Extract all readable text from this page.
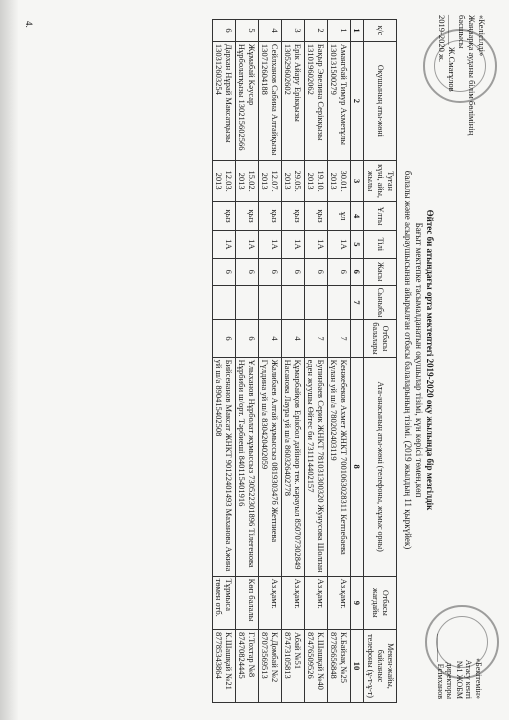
«Келісілді»
Жаңаарқа ауданы білім бөлімінің
басшысы
_______ Ж.Смағұлов
2019-2020 ж.
«Бекітемін»
Атасу кенті
№1 ЖОБМ
директоры
_______ Есімханов
Өйтес би атындағы орта мектептегі 2019-2020 оқу жылында бір мезгілдік
Бағыт мектепке тасымалданатын оқушылар тізімі, күн көрісі төмен,көп
балалы және асыраушысынан айырылған отбасы балаларының тізімі. (2019 жылдың 11 қыркүйек)
қ/с	Оқушының аты-жөні	Туған күні, айы, жылы	Ұлты	Тілі	Жасы	Сыныбы	Отбасы балалары	Ата-анасының аты-жөні (телефоны, жұмыс орны)	Отбасы жағдайы	Мекен-жайы, байланыс телефоны (ұ-т-ұ-т)
1	2	3	4	5	6	7		8	9	10
1	Амангбай Тимур Ахметұлы 130131500279	30.01. 2013	ұл	1А	6		7	Кенжебеков Ахмет ЖНКТ 7001063028311 Кетпебаева Күлан уй ш/а 780202403119	Аз.қамт.	К.Байзақ №25 87785656848
2	Бақыр Эвелина Серікқызы 131019602062	19.10. 2013	қыз	1А	6		7	Бупинбаев Серик ЖНКТ 781031300320 Жунусова Шолпан еден жуушы Өйтес би 731114402157	Аз.қамт.	К.Шашқай №40 87476509526
3	Ерік Айару Ерікқызы 130529602602	29.05. 2013	қыз	1А	6		4	Құмарбайқов Ерікбол дайінор тек. кәрауыл 850707302849 Насанова Лаура уй ш/а 860326402778	Аз.қамт.	Абай №51 87473105813
4	Сейлханов Сабина Алтайқызы 130712604188	12.07. 2013	қыз	1А	6		4	Жалибаев Алтай жұмыссыз 081930347б Жетпиева Гүлдина уй ш/а 830420402059	Аз.қамт.	К.Домбай №2 87073569513
5	Жұмабай Кәусар Нұрболатқызы 130215602566	15.02. 2013	қыз	1А	6		6	Ұлыханов Нұрболат жұмыссыз 730522301896 Тілеғенова Нұрбиби ш/орт. Тәрбиеші 840115401916	Көп балалы	Г.Тохтар №8 87470824445
6	Дархан Нұрай Максатқызы 130312603254	12.03. 2013	қыз	1А	6		6	Бийсенанов Максат ЖНКТ 90122401493 Маханова Ажина уй ш/а 890415402508	Тұрмыса төмен отб.	К.Шашқай №21 87785343864
4.
